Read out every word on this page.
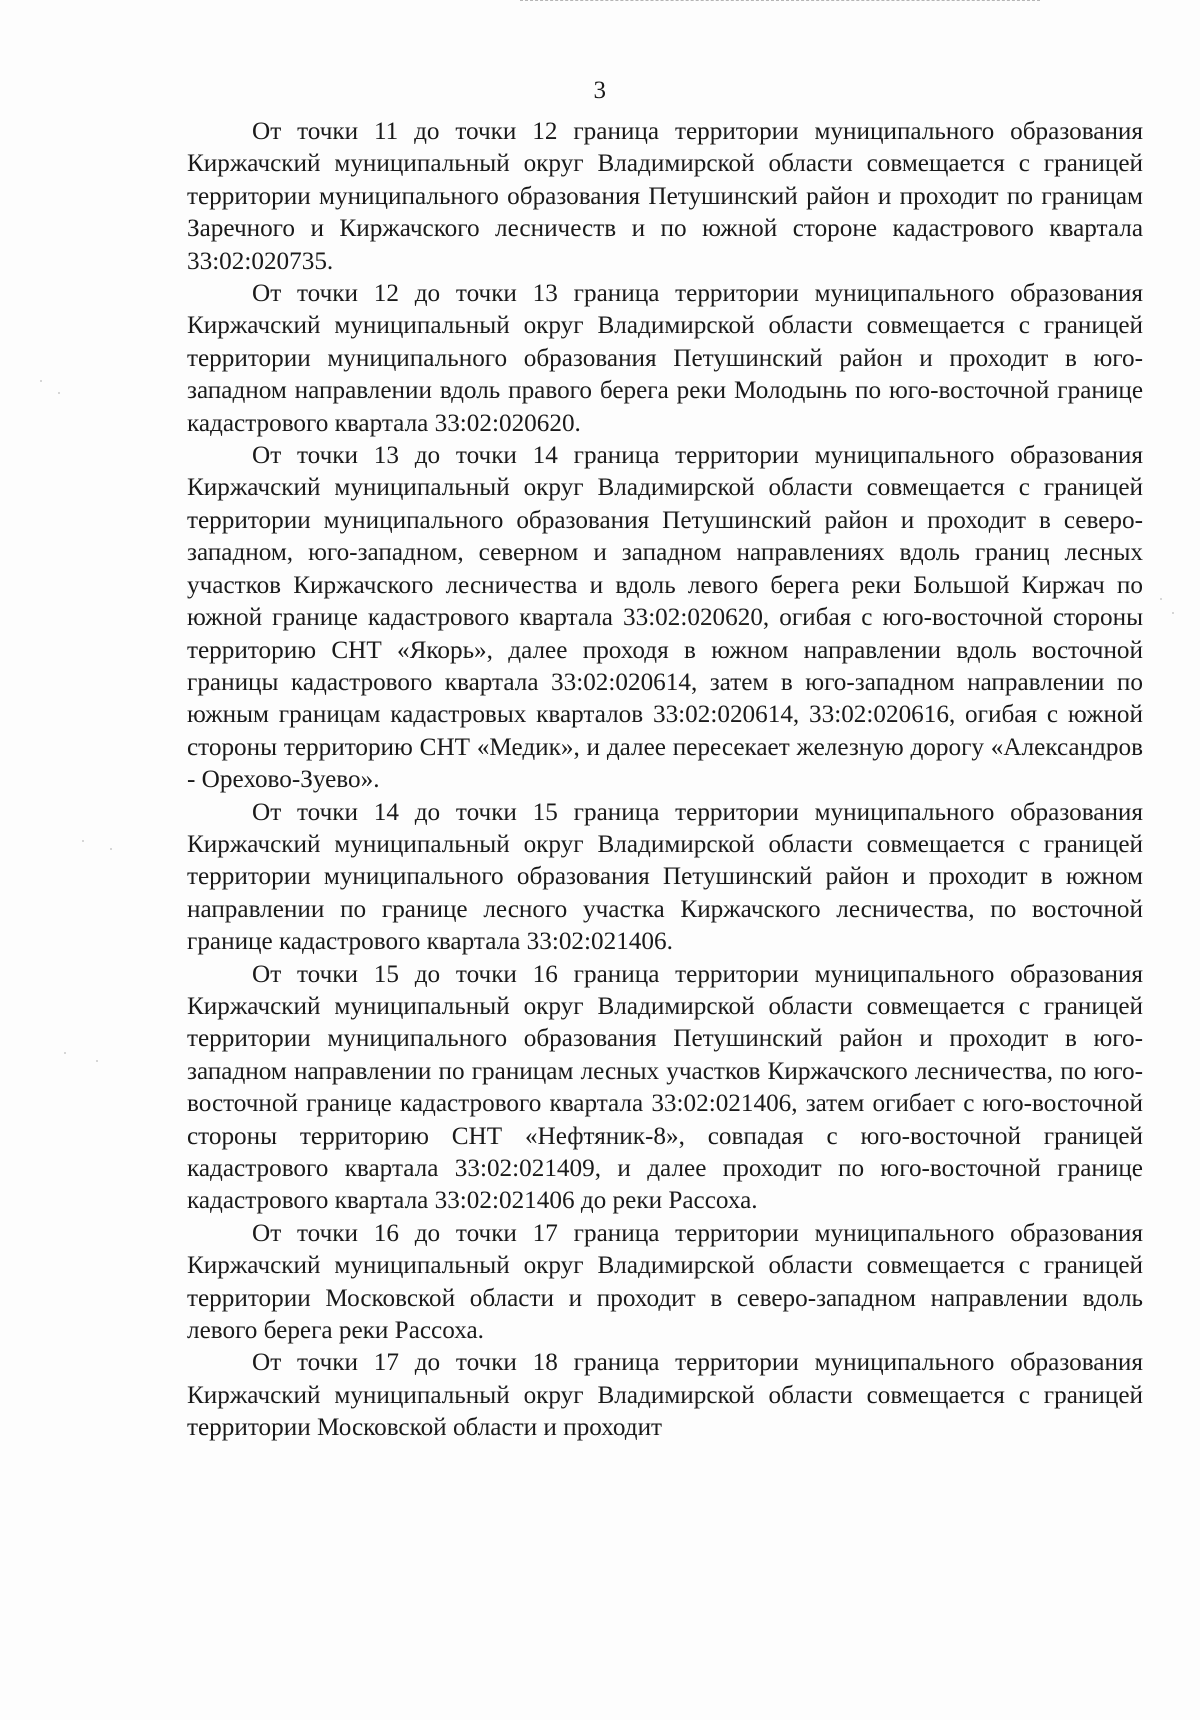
3

От точки 11 до точки 12 граница территории муниципального образования Киржачский муниципальный округ Владимирской области совмещается с границей территории муниципального образования Петушинский район и проходит по границам Заречного и Киржачского лесничеств и по южной стороне кадастрового квартала 33:02:020735.

От точки 12 до точки 13 граница территории муниципального образования Киржачский муниципальный округ Владимирской области совмещается с границей территории муниципального образования Петушинский район и проходит в юго-западном направлении вдоль правого берега реки Молодынь по юго-восточной границе кадастрового квартала 33:02:020620.

От точки 13 до точки 14 граница территории муниципального образования Киржачский муниципальный округ Владимирской области совмещается с границей территории муниципального образования Петушинский район и проходит в северо-западном, юго-западном, северном и западном направлениях вдоль границ лесных участков Киржачского лесничества и вдоль левого берега реки Большой Киржач по южной границе кадастрового квартала 33:02:020620, огибая с юго-восточной стороны территорию СНТ «Якорь», далее проходя в южном направлении вдоль восточной границы кадастрового квартала 33:02:020614, затем в юго-западном направлении по южным границам кадастровых кварталов 33:02:020614, 33:02:020616, огибая с южной стороны территорию СНТ «Медик», и далее пересекает железную дорогу «Александров - Орехово-Зуево».

От точки 14 до точки 15 граница территории муниципального образования Киржачский муниципальный округ Владимирской области совмещается с границей территории муниципального образования Петушинский район и проходит в южном направлении по границе лесного участка Киржачского лесничества, по восточной границе кадастрового квартала 33:02:021406.

От точки 15 до точки 16 граница территории муниципального образования Киржачский муниципальный округ Владимирской области совмещается с границей территории муниципального образования Петушинский район и проходит в юго-западном направлении по границам лесных участков Киржачского лесничества, по юго-восточной границе кадастрового квартала 33:02:021406, затем огибает с юго-восточной стороны территорию СНТ «Нефтяник-8», совпадая с юго-восточной границей кадастрового квартала 33:02:021409, и далее проходит по юго-восточной границе кадастрового квартала 33:02:021406 до реки Рассоха.

От точки 16 до точки 17 граница территории муниципального образования Киржачский муниципальный округ Владимирской области совмещается с границей территории Московской области и проходит в северо-западном направлении вдоль левого берега реки Рассоха.

От точки 17 до точки 18 граница территории муниципального образования Киржачский муниципальный округ Владимирской области совмещается с границей территории Московской области и проходит
